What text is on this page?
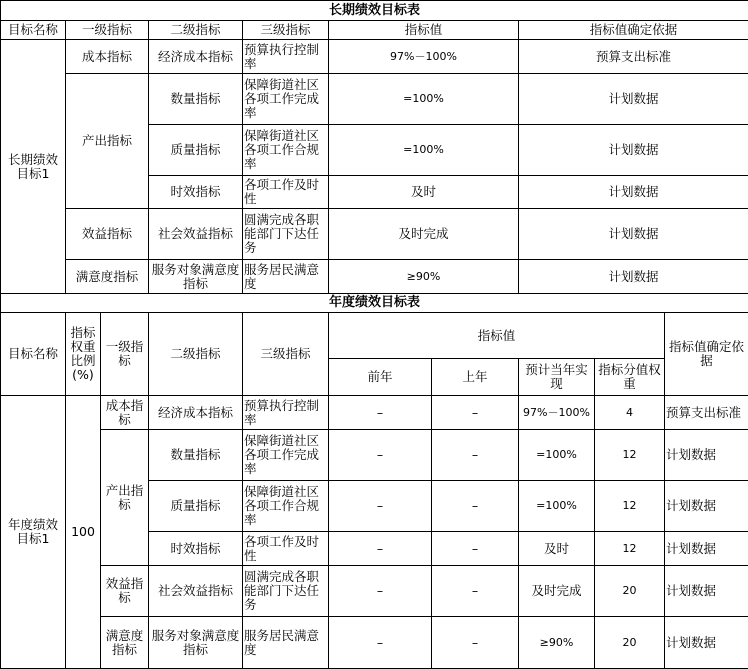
长期绩效目标表					
目标名称	一级指标	二级指标	三级指标	指标值	指标值确定依据
长期绩效目标1	成本指标	经济成本指标	预算执行控制率	97%－100%	预算支出标准
	产出指标	数量指标	保障街道社区各项工作完成率	=100%	计划数据
		质量指标	保障街道社区各项工作合规率	=100%	计划数据
		时效指标	各项工作及时性	及时	计划数据
	效益指标	社会效益指标	圆满完成各职能部门下达任务	及时完成	计划数据
	满意度指标	服务对象满意度指标	服务居民满意度	≥90%	计划数据
年度绩效目标表									
目标名称	指标权重比例(%)	一级指标	二级指标	三级指标	指标值				指标值确定依据
					前年	上年	预计当年实现	指标分值权重	
年度绩效目标1	100	成本指标	经济成本指标	预算执行控制率	–	–	97%－100%	4	预算支出标准
		产出指标	数量指标	保障街道社区各项工作完成率	–	–	=100%	12	计划数据
			质量指标	保障街道社区各项工作合规率	–	–	=100%	12	计划数据
			时效指标	各项工作及时性	–	–	及时	12	计划数据
		效益指标	社会效益指标	圆满完成各职能部门下达任务	–	–	及时完成	20	计划数据
		满意度指标	服务对象满意度指标	服务居民满意度	–	–	≥90%	20	计划数据
